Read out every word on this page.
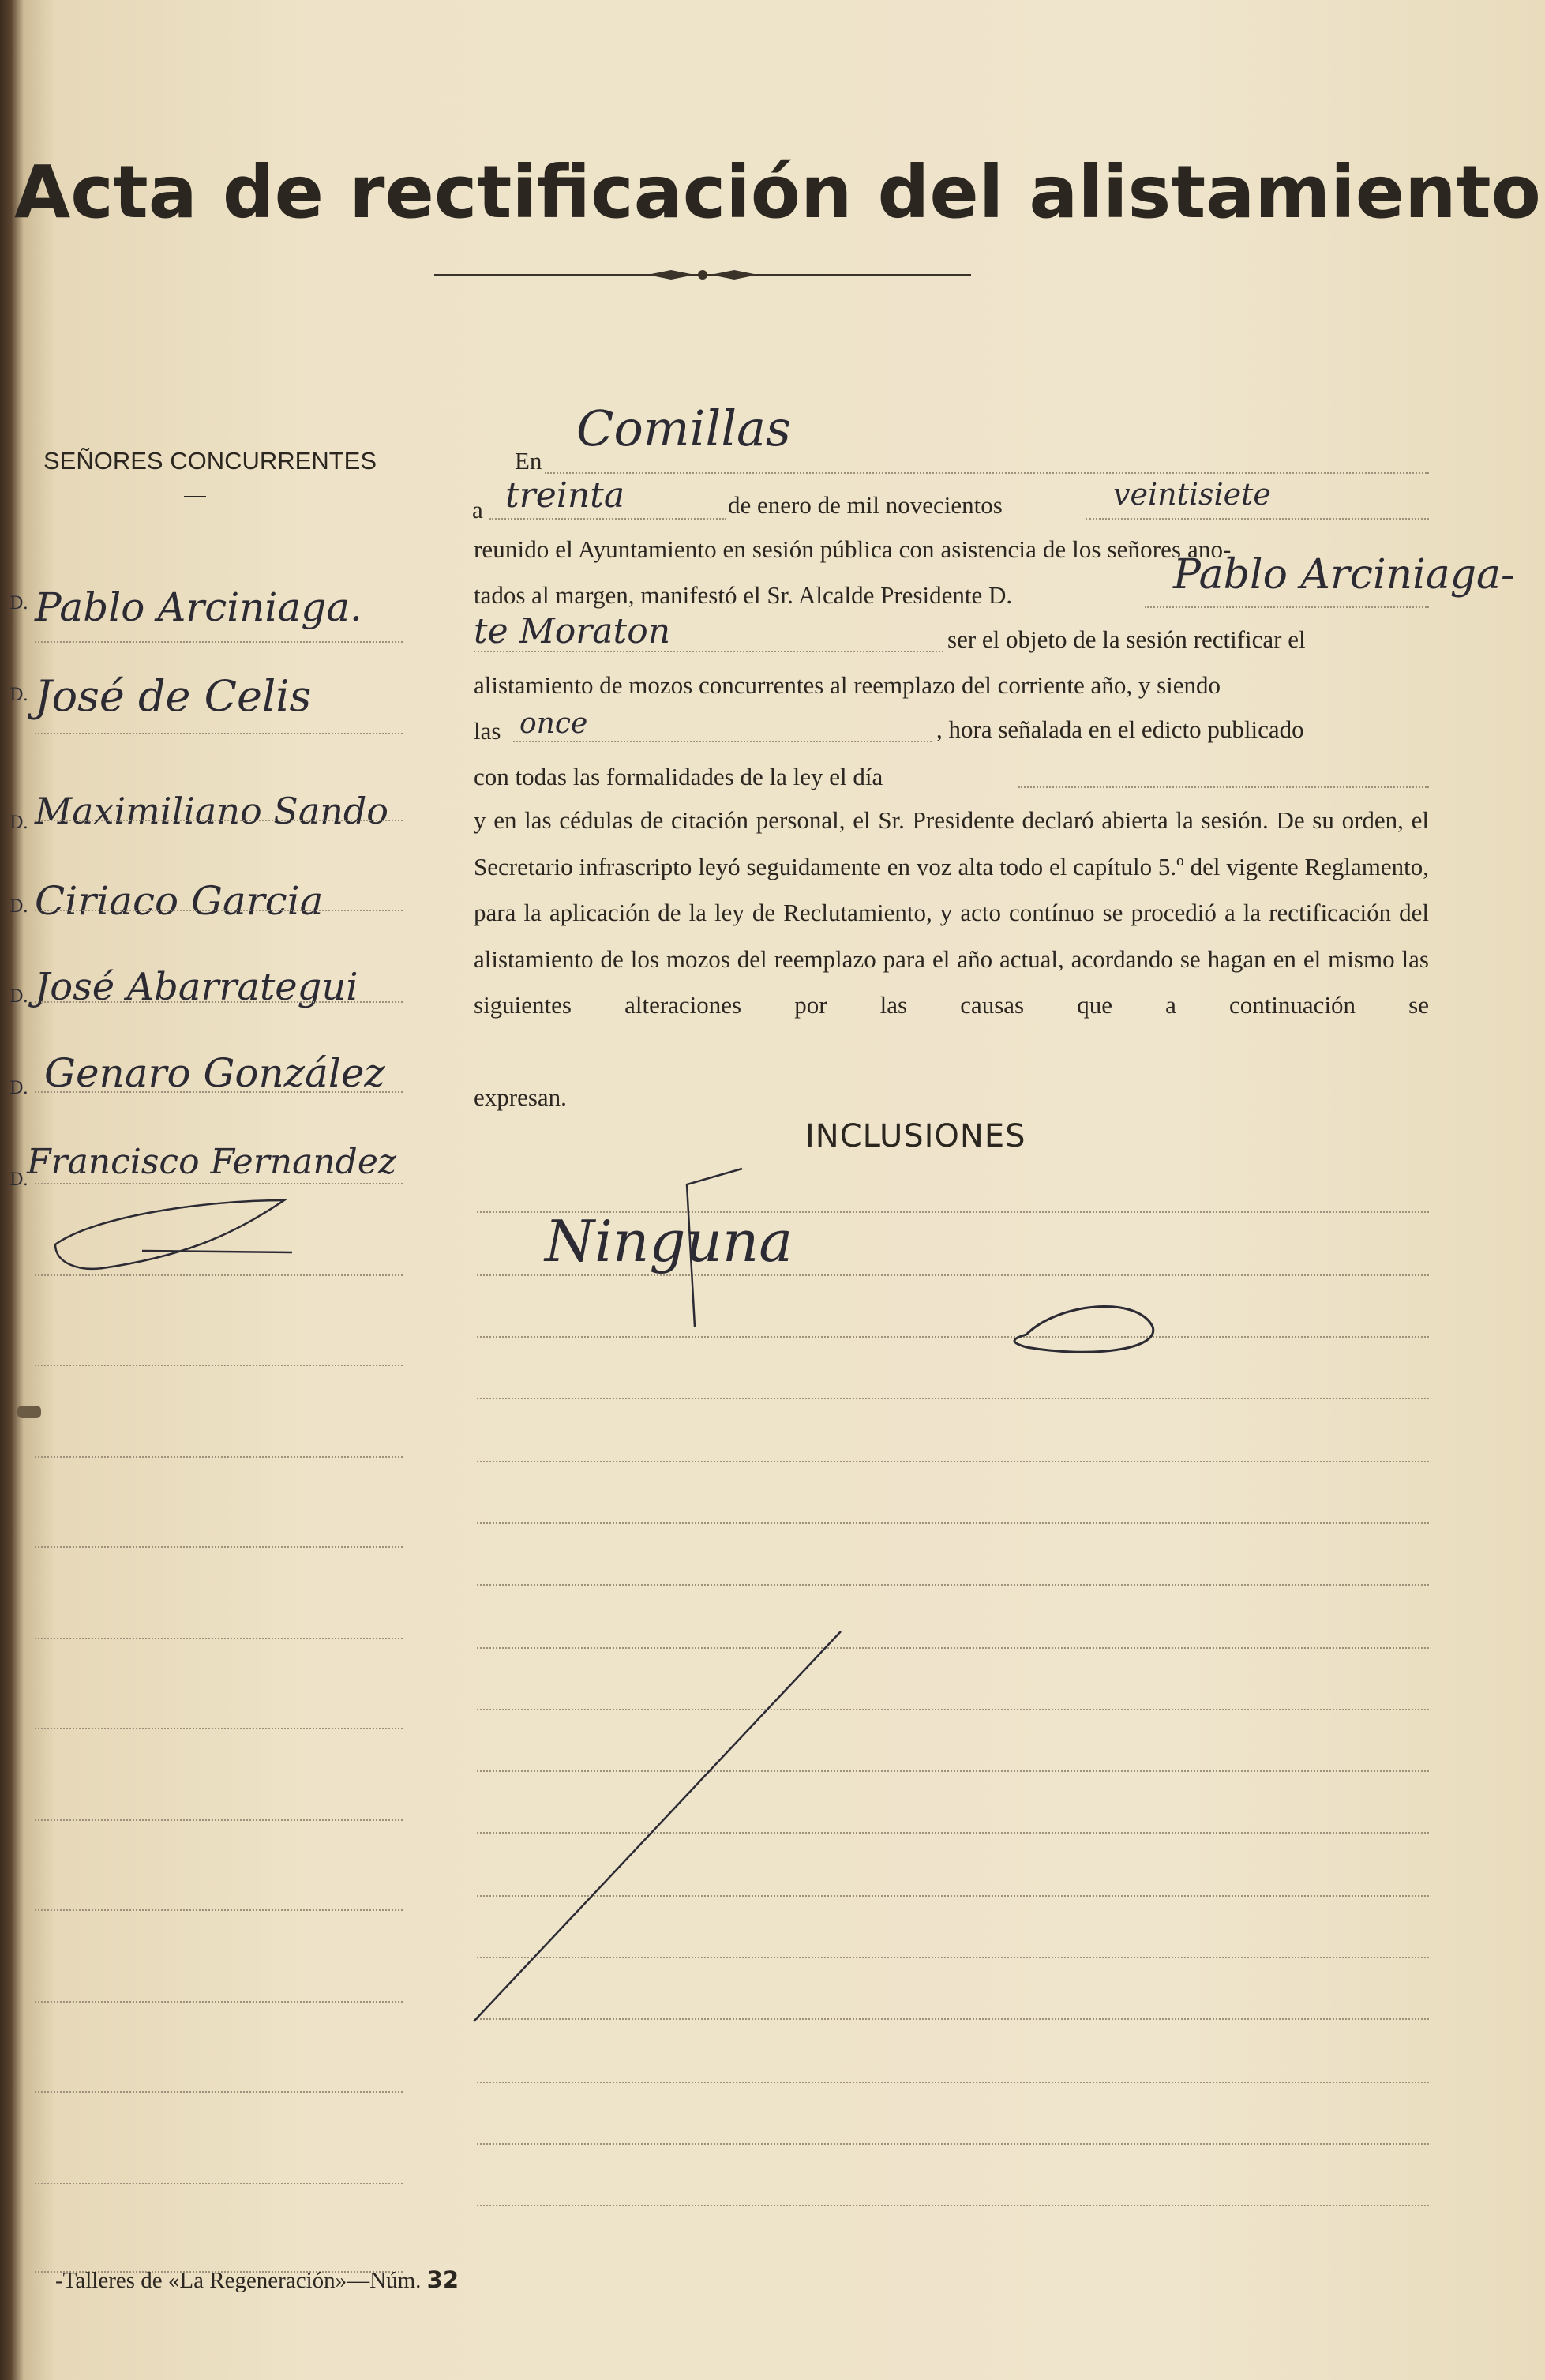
Acta de rectificación del alistamiento
SEÑORES CONCURRENTES
D. Pablo Arciniaga.
D. José de Celis
D. Maximiliano Sando
D. Ciriaco Garcia
D. José Abarrategui
D. Genaro González
D.
Francisco Fernandez
En
Comillas
a treinta	de enero de mil novecientos	veintisiete
reunido el Ayuntamiento en sesión pública con asistencia de los señores ano-
tados al margen, manifestó el Sr. Alcalde Presidente D.	Pablo Arciniaga-
te Moraton	ser el objeto de la sesión rectificar el
alistamiento de mozos concurrentes al reemplazo del corriente año, y siendo
las once	, hora señalada en el edicto publicado
con todas las formalidades de la ley el día
y en las cédulas de citación personal, el Sr. Presidente declaró abierta la sesión. De su orden, el Secretario infrascripto leyó seguidamente en voz alta todo el capítulo 5.º del vigente Reglamento, para la aplicación de la ley de Reclutamiento, y acto contínuo se procedió a la rectificación del alistamiento de los mozos del reemplazo para el año actual, acordando se hagan en el mismo las siguientes alteraciones por las causas que a continuación se
expresan.
INCLUSIONES
Ninguna
-Talleres de «La Regeneración»—Núm. 32
